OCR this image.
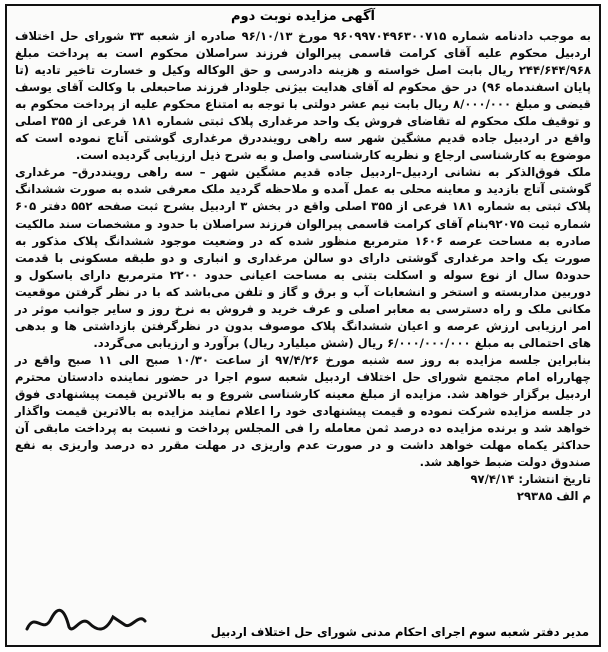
آگهی مزایده نوبت دوم

به موجب دادنامه شماره ۹۶۰۹۹۷۰۴۹۶۳۰۰۷۱۵ مورخ ۹۶/۱۰/۱۳ صادره از شعبه ۳۳ شورای حل اختلاف اردبیل محکوم علیه آقای کرامت قاسمی پیرالوان فرزند سراصلان محکوم است به پرداخت مبلغ ۲۴۴/۶۴۴/۹۶۸ ریال بابت اصل خواسته و هزینه دادرسی و حق الوکاله وکیل و خسارت تاخیر تادیه (تا پایان اسفندماه ۹۶) در حق محکوم له آقای هدایت بیژنی جلودار فرزند صاحبعلی با وکالت آقای یوسف قیضی و مبلغ ۸/۰۰۰/۰۰۰ ریال بابت نیم عشر دولتی با توجه به امتناع محکوم علیه از پرداخت محکوم به و توقیف ملک محکوم له تقاضای فروش یک واحد مرغداری پلاک ثبتی شماره ۱۸۱ فرعی از ۳۵۵ اصلی واقع در اردبیل جاده قدیم مشگین شهر سه راهی روینددرق مرغداری گوشتی آتاج نموده است که موضوع به کارشناسی ارجاع و نظریه کارشناسی واصل و به شرح ذیل ارزیابی گردیده است.

ملک فوق‌الذکر به نشانی اردبیل–اردبیل جاده قدیم مشگین شهر – سه راهی روینددرق– مرغداری گوشتی آتاج بازدید و معاینه محلی به عمل آمده و ملاحظه گردید ملک معرفی شده به صورت ششدانگ پلاک ثبتی به شماره ۱۸۱ فرعی از ۳۵۵ اصلی واقع در بخش ۳ اردبیل بشرح ثبت صفحه ۵۵۲ دفتر ۶۰۵ شماره ثبت ۹۲۰۷۵بنام آقای کرامت قاسمی پیرالوان فرزند سراصلان با حدود و مشخصات سند مالکیت صادره به مساحت عرصه ۱۶۰۶ مترمربع منظور شده که در وضعیت موجود ششدانگ پلاک مذکور به صورت یک واحد مرغداری گوشتی دارای دو سالن مرغداری و انباری و دو طبقه مسکونی با قدمت حدود۵ سال از نوع سوله و اسکلت بتنی به مساحت اعیانی حدود ۲۲۰۰ مترمربع دارای باسکول و دوربین مداربسته و استخر و انشعابات آب و برق و گاز و تلفن می‌باشد که با در نظر گرفتن موقعیت مکانی ملک و راه دسترسی به معابر اصلی و عرف خرید و فروش به نرخ روز و سایر جوانب موثر در امر ارزیابی ارزش عرصه و اعیان ششدانگ پلاک موصوف بدون در نظرگرفتن بازداشتی ها و بدهی های احتمالی به مبلغ ۶/۰۰۰/۰۰۰/۰۰۰ ریال (شش میلیارد ریال) برآورد و ارزیابی می‌گردد.

بنابراین جلسه مزایده به روز سه شنبه مورخ ۹۷/۴/۲۶ از ساعت ۱۰/۳۰ صبح الی ۱۱ صبح واقع در چهارراه امام مجتمع شورای حل اختلاف اردبیل شعبه سوم اجرا در حضور نماینده دادستان محترم اردبیل برگزار خواهد شد. مزایده از مبلغ معینه کارشناسی شروع و به بالاترین قیمت پیشنهادی فوق در جلسه مزایده شرکت نموده و قیمت پیشنهادی خود را اعلام نمایند مزایده به بالاترین قیمت واگذار خواهد شد و برنده مزایده ده درصد ثمن معامله را فی المجلس پرداخت و نسبت به پرداخت مابقی آن حداکثر یکماه مهلت خواهد داشت و در صورت عدم واریزی در مهلت مقرر ده درصد واریزی به نفع صندوق دولت ضبط خواهد شد.

تاریخ انتشار: ۹۷/۴/۱۴

م الف ۲۹۳۸۵

مدیر دفتر شعبه سوم اجرای احکام مدنی شورای حل اختلاف اردبیل
